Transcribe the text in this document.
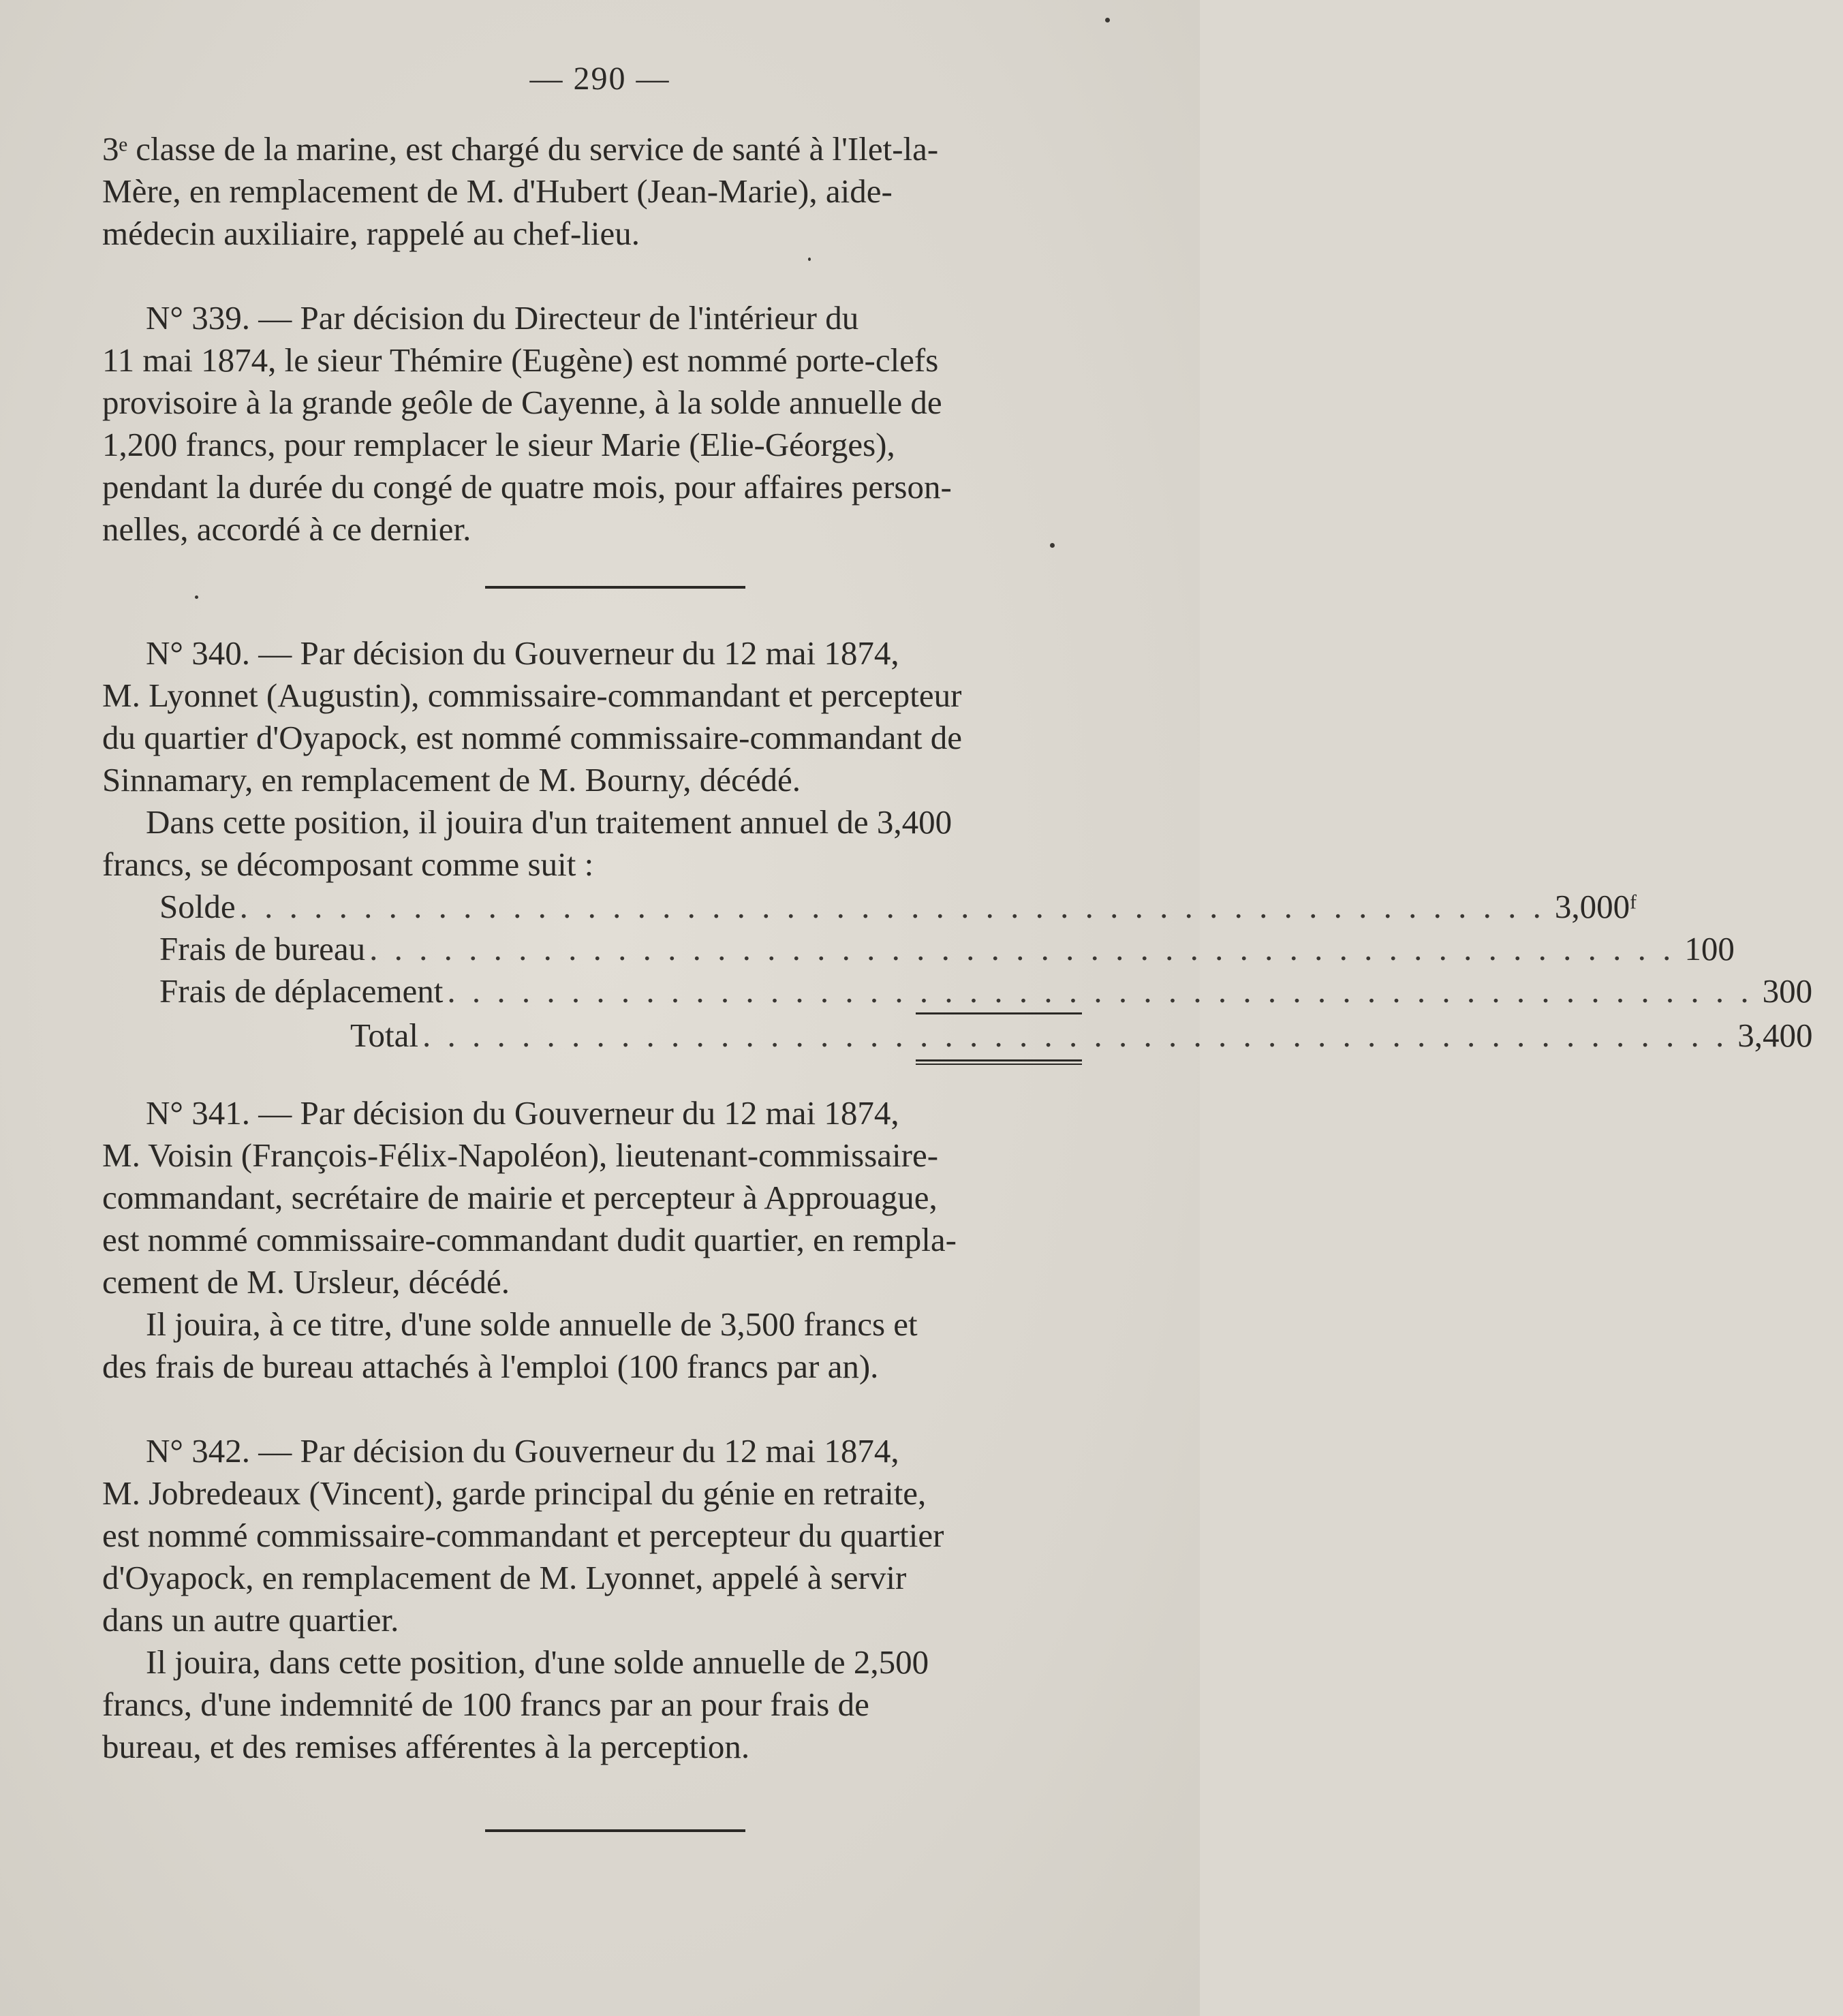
— 290 —

3ᵉ classe de la marine, est chargé du service de santé à l'Ilet-la-

Mère, en remplacement de M. d'Hubert (Jean-Marie), aide-

médecin auxiliaire, rappelé au chef-lieu.

N° 339. — Par décision du Directeur de l'intérieur du

11 mai 1874, le sieur Thémire (Eugène) est nommé porte-clefs

provisoire à la grande geôle de Cayenne, à la solde annuelle de

1,200 francs, pour remplacer le sieur Marie (Elie-Géorges),

pendant la durée du congé de quatre mois, pour affaires person-

nelles, accordé à ce dernier.

N° 340. — Par décision du Gouverneur du 12 mai 1874,

M. Lyonnet (Augustin), commissaire-commandant et percepteur

du quartier d'Oyapock, est nommé commissaire-commandant de

Sinnamary, en remplacement de M. Bourny, décédé.

Dans cette position, il jouira d'un traitement annuel de 3,400

francs, se décomposant comme suit :

Solde . . . . . . . . . . . . . . . . . . . . . . . . . . . . . . . . . . . . . . . . . . . . . . . . . . . . . 3,000ᶠ
Frais de bureau . . . . . . . . . . . . . . . . . . . . . . . . . . . . . . . . . . . . . . . . . . . . . . . . . . . . . 100
Frais de déplacement . . . . . . . . . . . . . . . . . . . . . . . . . . . . . . . . . . . . . . . . . . . . . . . . . . . . . 300
Total . . . . . . . . . . . . . . . . . . . . . . . . . . . . . . . . . . . . . . . . . . . . . . . . . . . . . 3,400

N° 341. — Par décision du Gouverneur du 12 mai 1874,

M. Voisin (François-Félix-Napoléon), lieutenant-commissaire-

commandant, secrétaire de mairie et percepteur à Approuague,

est nommé commissaire-commandant dudit quartier, en rempla-

cement de M. Ursleur, décédé.

Il jouira, à ce titre, d'une solde annuelle de 3,500 francs et

des frais de bureau attachés à l'emploi (100 francs par an).

N° 342. — Par décision du Gouverneur du 12 mai 1874,

M. Jobredeaux (Vincent), garde principal du génie en retraite,

est nommé commissaire-commandant et percepteur du quartier

d'Oyapock, en remplacement de M. Lyonnet, appelé à servir

dans un autre quartier.

Il jouira, dans cette position, d'une solde annuelle de 2,500

francs, d'une indemnité de 100 francs par an pour frais de

bureau, et des remises afférentes à la perception.
